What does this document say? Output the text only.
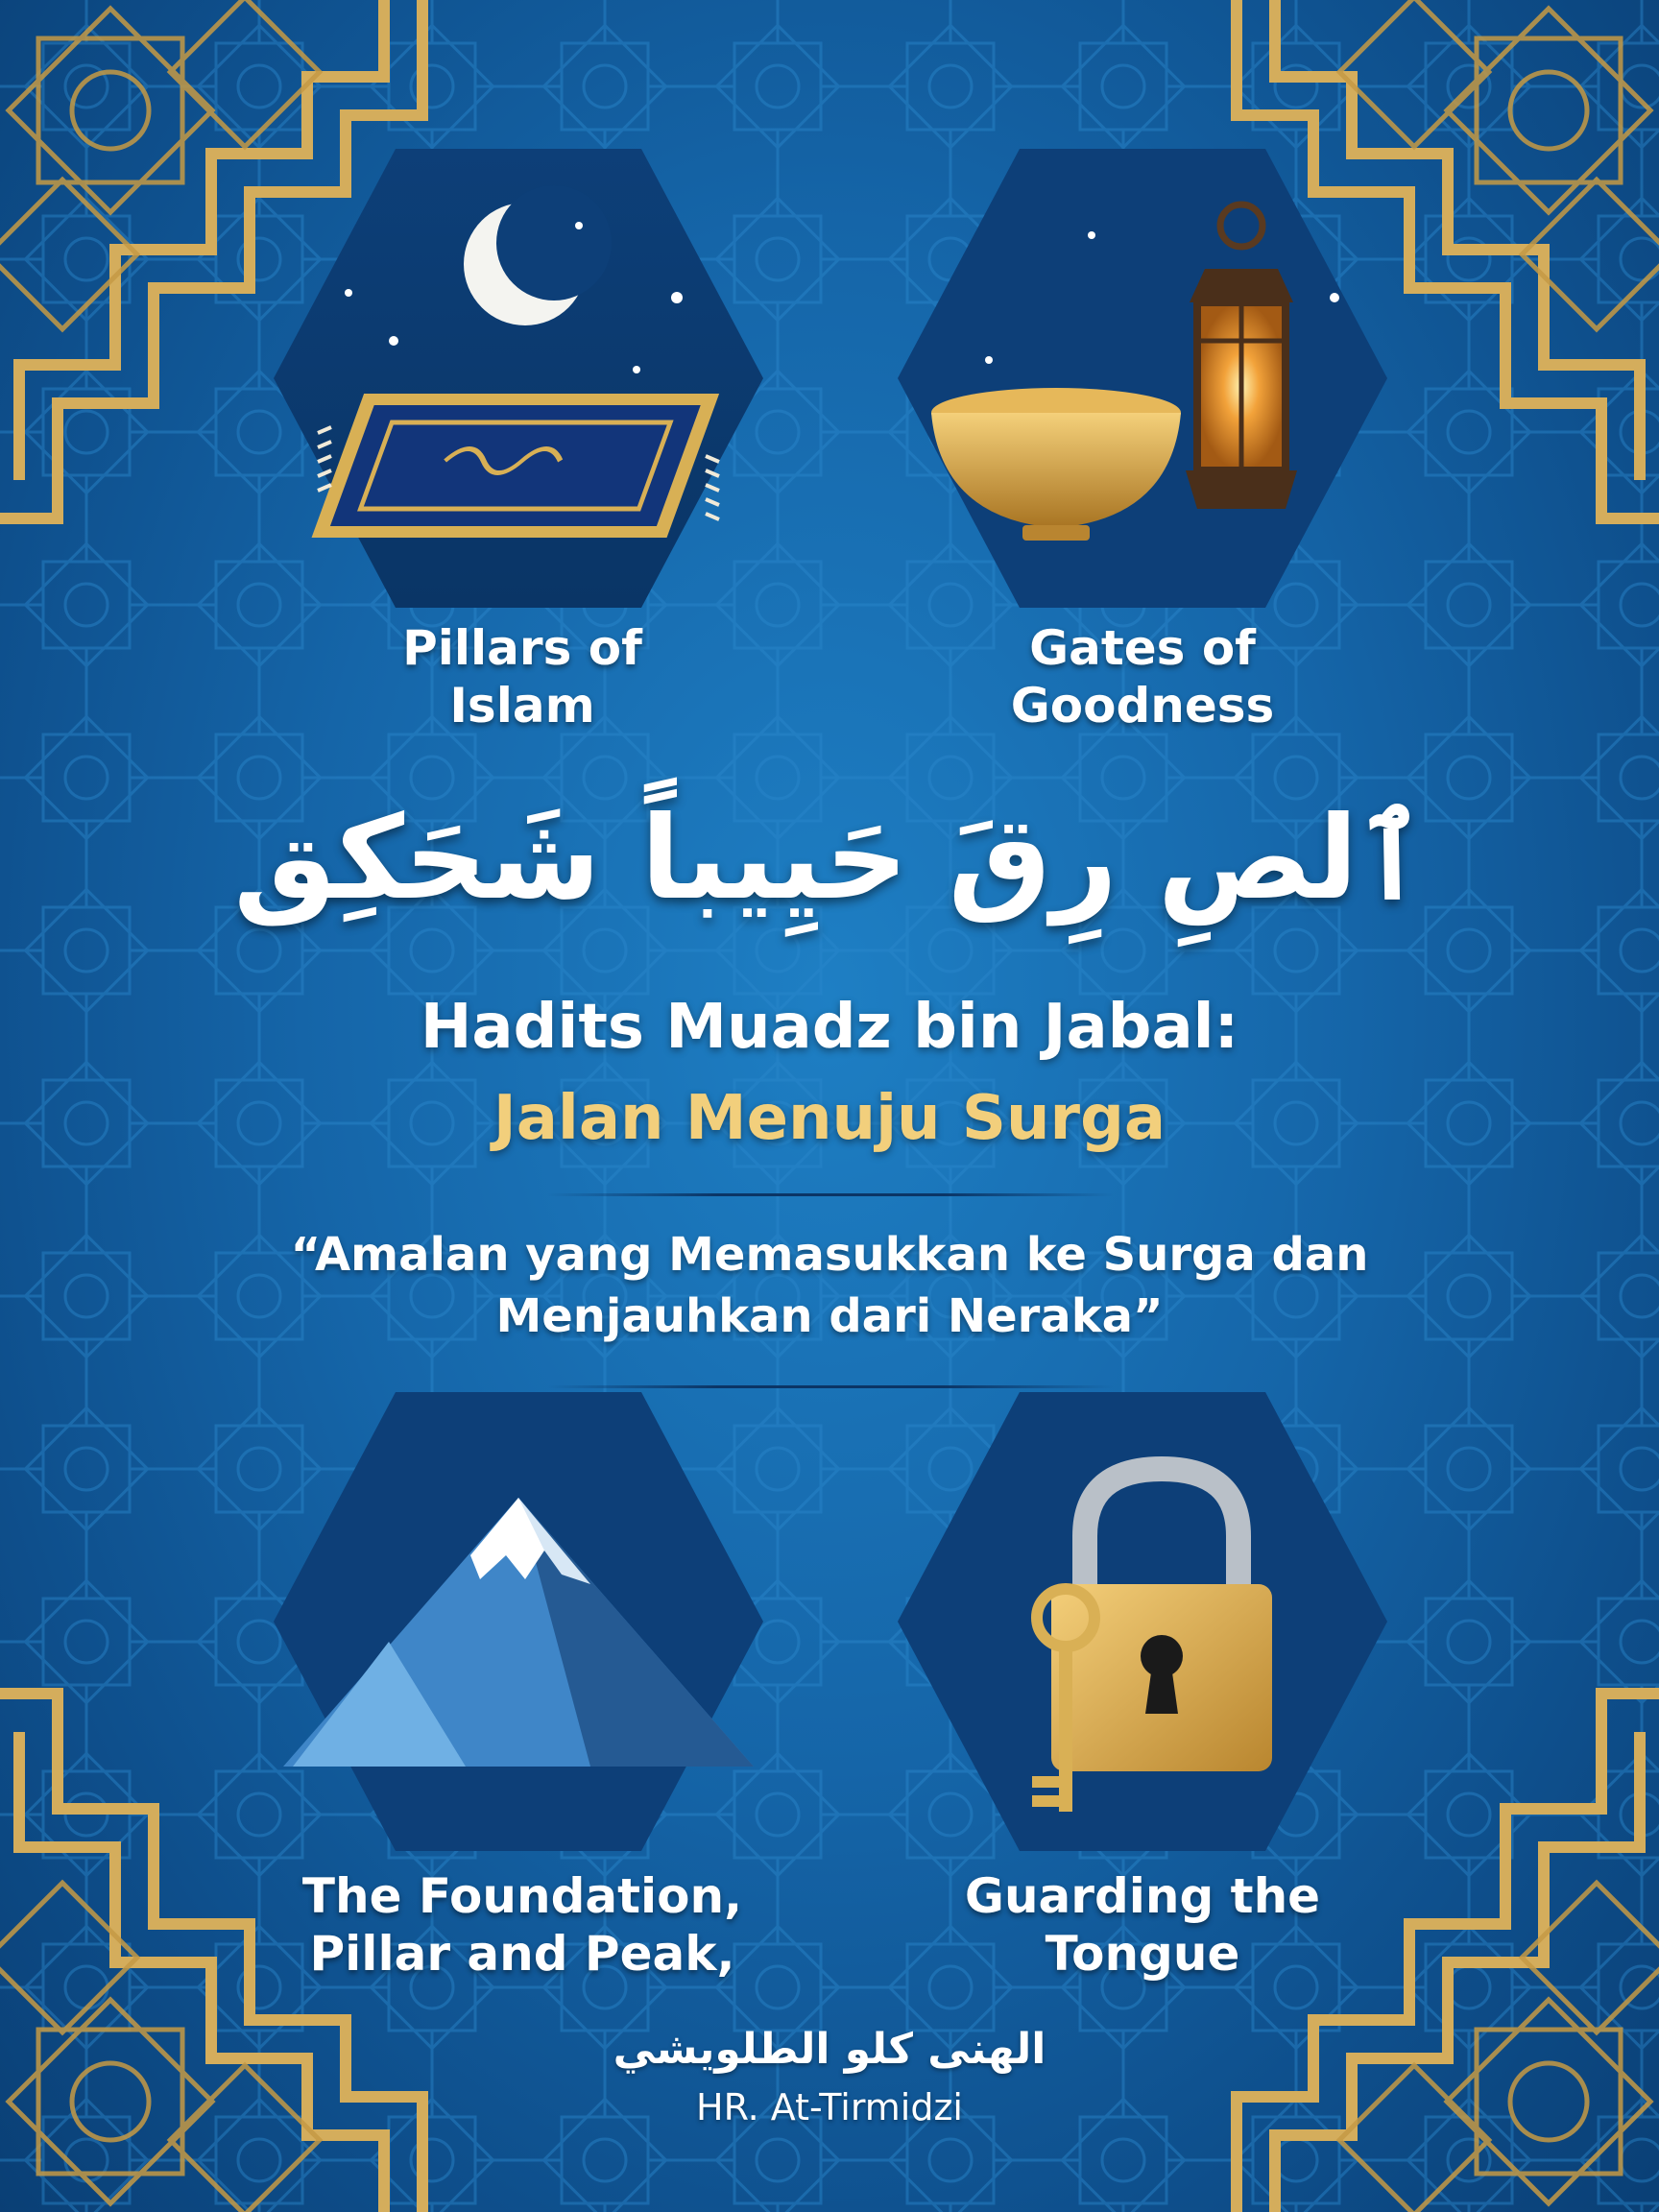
Pillars of
Islam
Gates of
Goodness
ٱلصِ رِقَ حَيِيباً شَحَكِق
Hadits Muadz bin Jabal:
Jalan Menuju Surga
“Amalan yang Memasukkan ke Surga dan
Menjauhkan dari Neraka”
The Foundation,
Pillar and Peak,
Guarding the
Tongue
الهنى كلو الطلويشي
HR. At-Tirmidzi
